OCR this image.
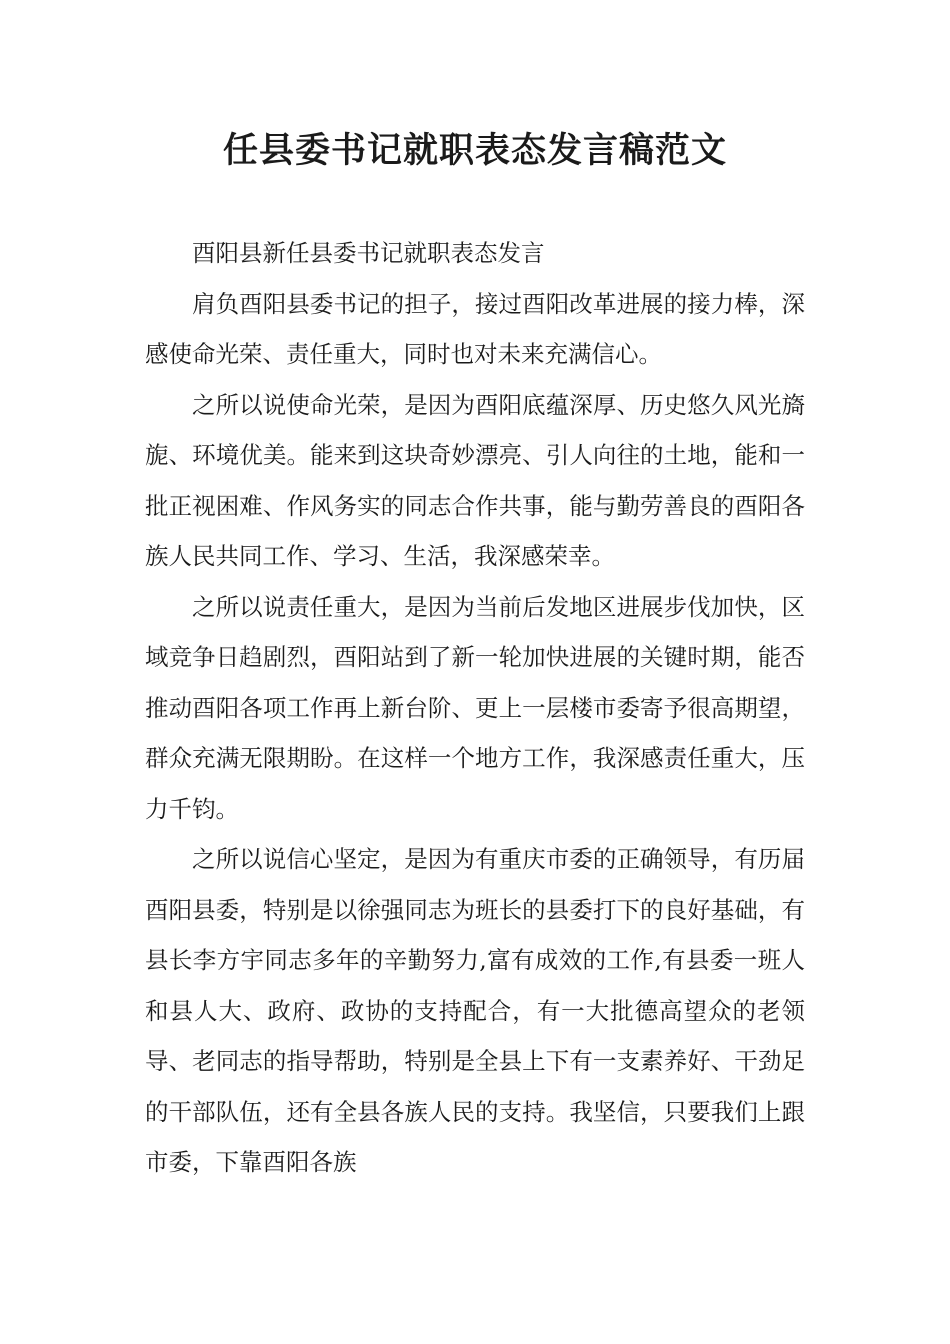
任县委书记就职表态发言稿范文

酉阳县新任县委书记就职表态发言

肩负酉阳县委书记的担子，接过酉阳改革进展的接力棒，深感使命光荣、责任重大，同时也对未来充满信心。

之所以说使命光荣，是因为酉阳底蕴深厚、历史悠久风光旖旎、环境优美。能来到这块奇妙漂亮、引人向往的土地，能和一批正视困难、作风务实的同志合作共事，能与勤劳善良的酉阳各族人民共同工作、学习、生活，我深感荣幸。

之所以说责任重大，是因为当前后发地区进展步伐加快，区域竞争日趋剧烈，酉阳站到了新一轮加快进展的关键时期，能否推动酉阳各项工作再上新台阶、更上一层楼市委寄予很高期望，群众充满无限期盼。在这样一个地方工作，我深感责任重大，压力千钧。

之所以说信心坚定，是因为有重庆市委的正确领导，有历届酉阳县委，特别是以徐强同志为班长的县委打下的良好基础，有县长李方宇同志多年的辛勤努力,富有成效的工作,有县委一班人和县人大、政府、政协的支持配合，有一大批德高望众的老领导、老同志的指导帮助，特别是全县上下有一支素养好、干劲足的干部队伍，还有全县各族人民的支持。我坚信，只要我们上跟市委，下靠酉阳各族
